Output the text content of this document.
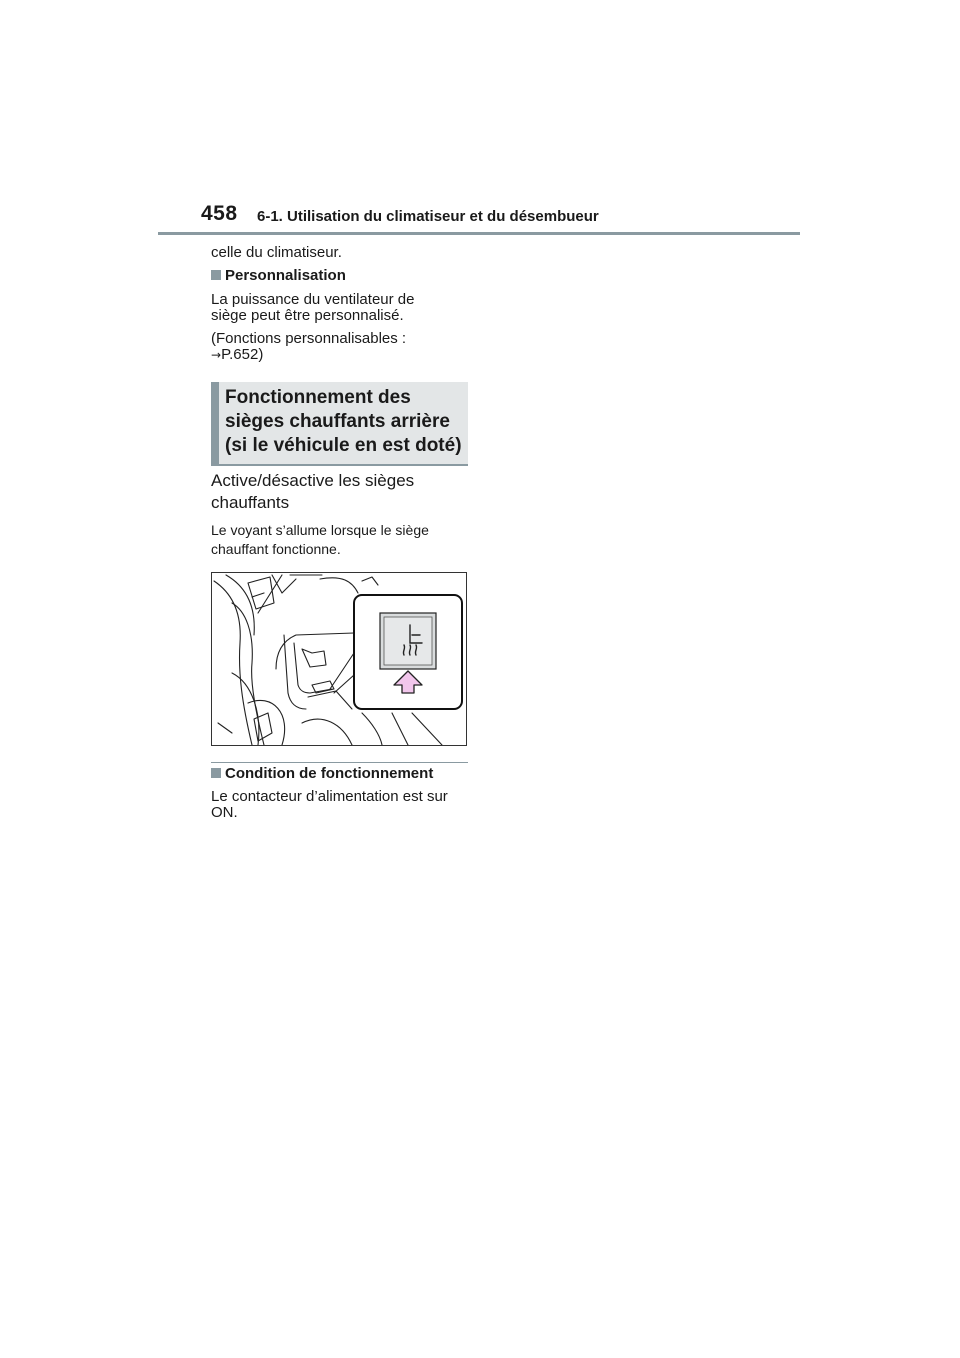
458 6-1. Utilisation du climatiseur et du désembueur
celle du climatiseur.
Personnalisation
La puissance du ventilateur de
siège peut être personnalisé.
(Fonctions personnalisables :
→P.652)
Fonctionnement des
sièges chauffants arrière
(si le véhicule en est doté)
Active/désactive les sièges
chauffants
Le voyant s’allume lorsque le siège
chauffant fonctionne.
Condition de fonctionnement
Le contacteur d’alimentation est sur
ON.
